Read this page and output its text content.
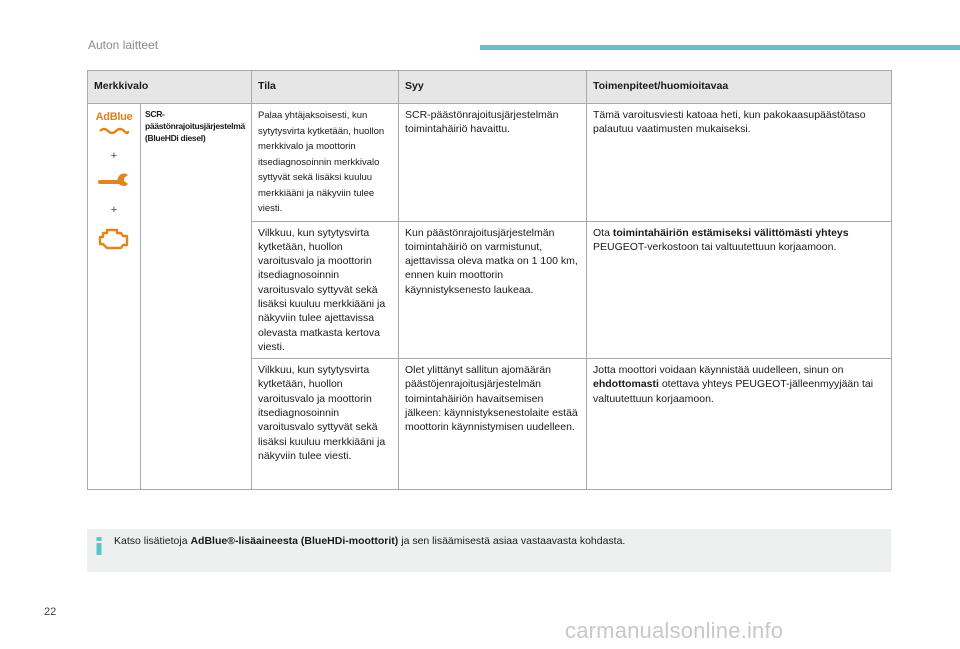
Auton laitteet
Merkkivalo		Tila	Syy	Toimenpiteet/huomioitavaa

AdBlue
+
+	SCR-päästönrajoitusjärjestelmä (BlueHDi diesel)	Palaa yhtäjaksoisesti, kun sytytysvirta kytketään, huollon merkkivalo ja moottorin itsediagnosoinnin merkkivalo syttyvät sekä lisäksi kuuluu merkkiääni ja näkyviin tulee viesti.	SCR-päästönrajoitusjärjestelmän toimintahäiriö havaittu.	Tämä varoitusviesti katoaa heti, kun pakokaasupäästötaso palautuu vaatimusten mukaiseksi.
		Vilkkuu, kun sytytysvirta kytketään, huollon varoitusvalo ja moottorin itsediagnosoinnin varoitusvalo syttyvät sekä lisäksi kuuluu merkkiääni ja näkyviin tulee ajettavissa olevasta matkasta kertova viesti.	Kun päästönrajoitusjärjestelmän toimintahäiriö on varmistunut, ajettavissa oleva matka on 1 100 km, ennen kuin moottorin käynnistyksenesto laukeaa.	Ota toimintahäiriön estämiseksi välittömästi yhteys PEUGEOT-verkostoon tai valtuutettuun korjaamoon.
		Vilkkuu, kun sytytysvirta kytketään, huollon varoitusvalo ja moottorin itsediagnosoinnin varoitusvalo syttyvät sekä lisäksi kuuluu merkkiääni ja näkyviin tulee viesti.	Olet ylittänyt sallitun ajomäärän päästöjenrajoitusjärjestelmän toimintahäiriön havaitsemisen jälkeen: käynnistyksenestolaite estää moottorin käynnistymisen uudelleen.	Jotta moottori voidaan käynnistää uudelleen, sinun on ehdottomasti otettava yhteys PEUGEOT-jälleenmyyjään tai valtuutettuun korjaamoon.
Katso lisätietoja AdBlue®-lisäaineesta (BlueHDi-moottorit) ja sen lisäämisestä asiaa vastaavasta kohdasta.
22
carmanualsonline.info
